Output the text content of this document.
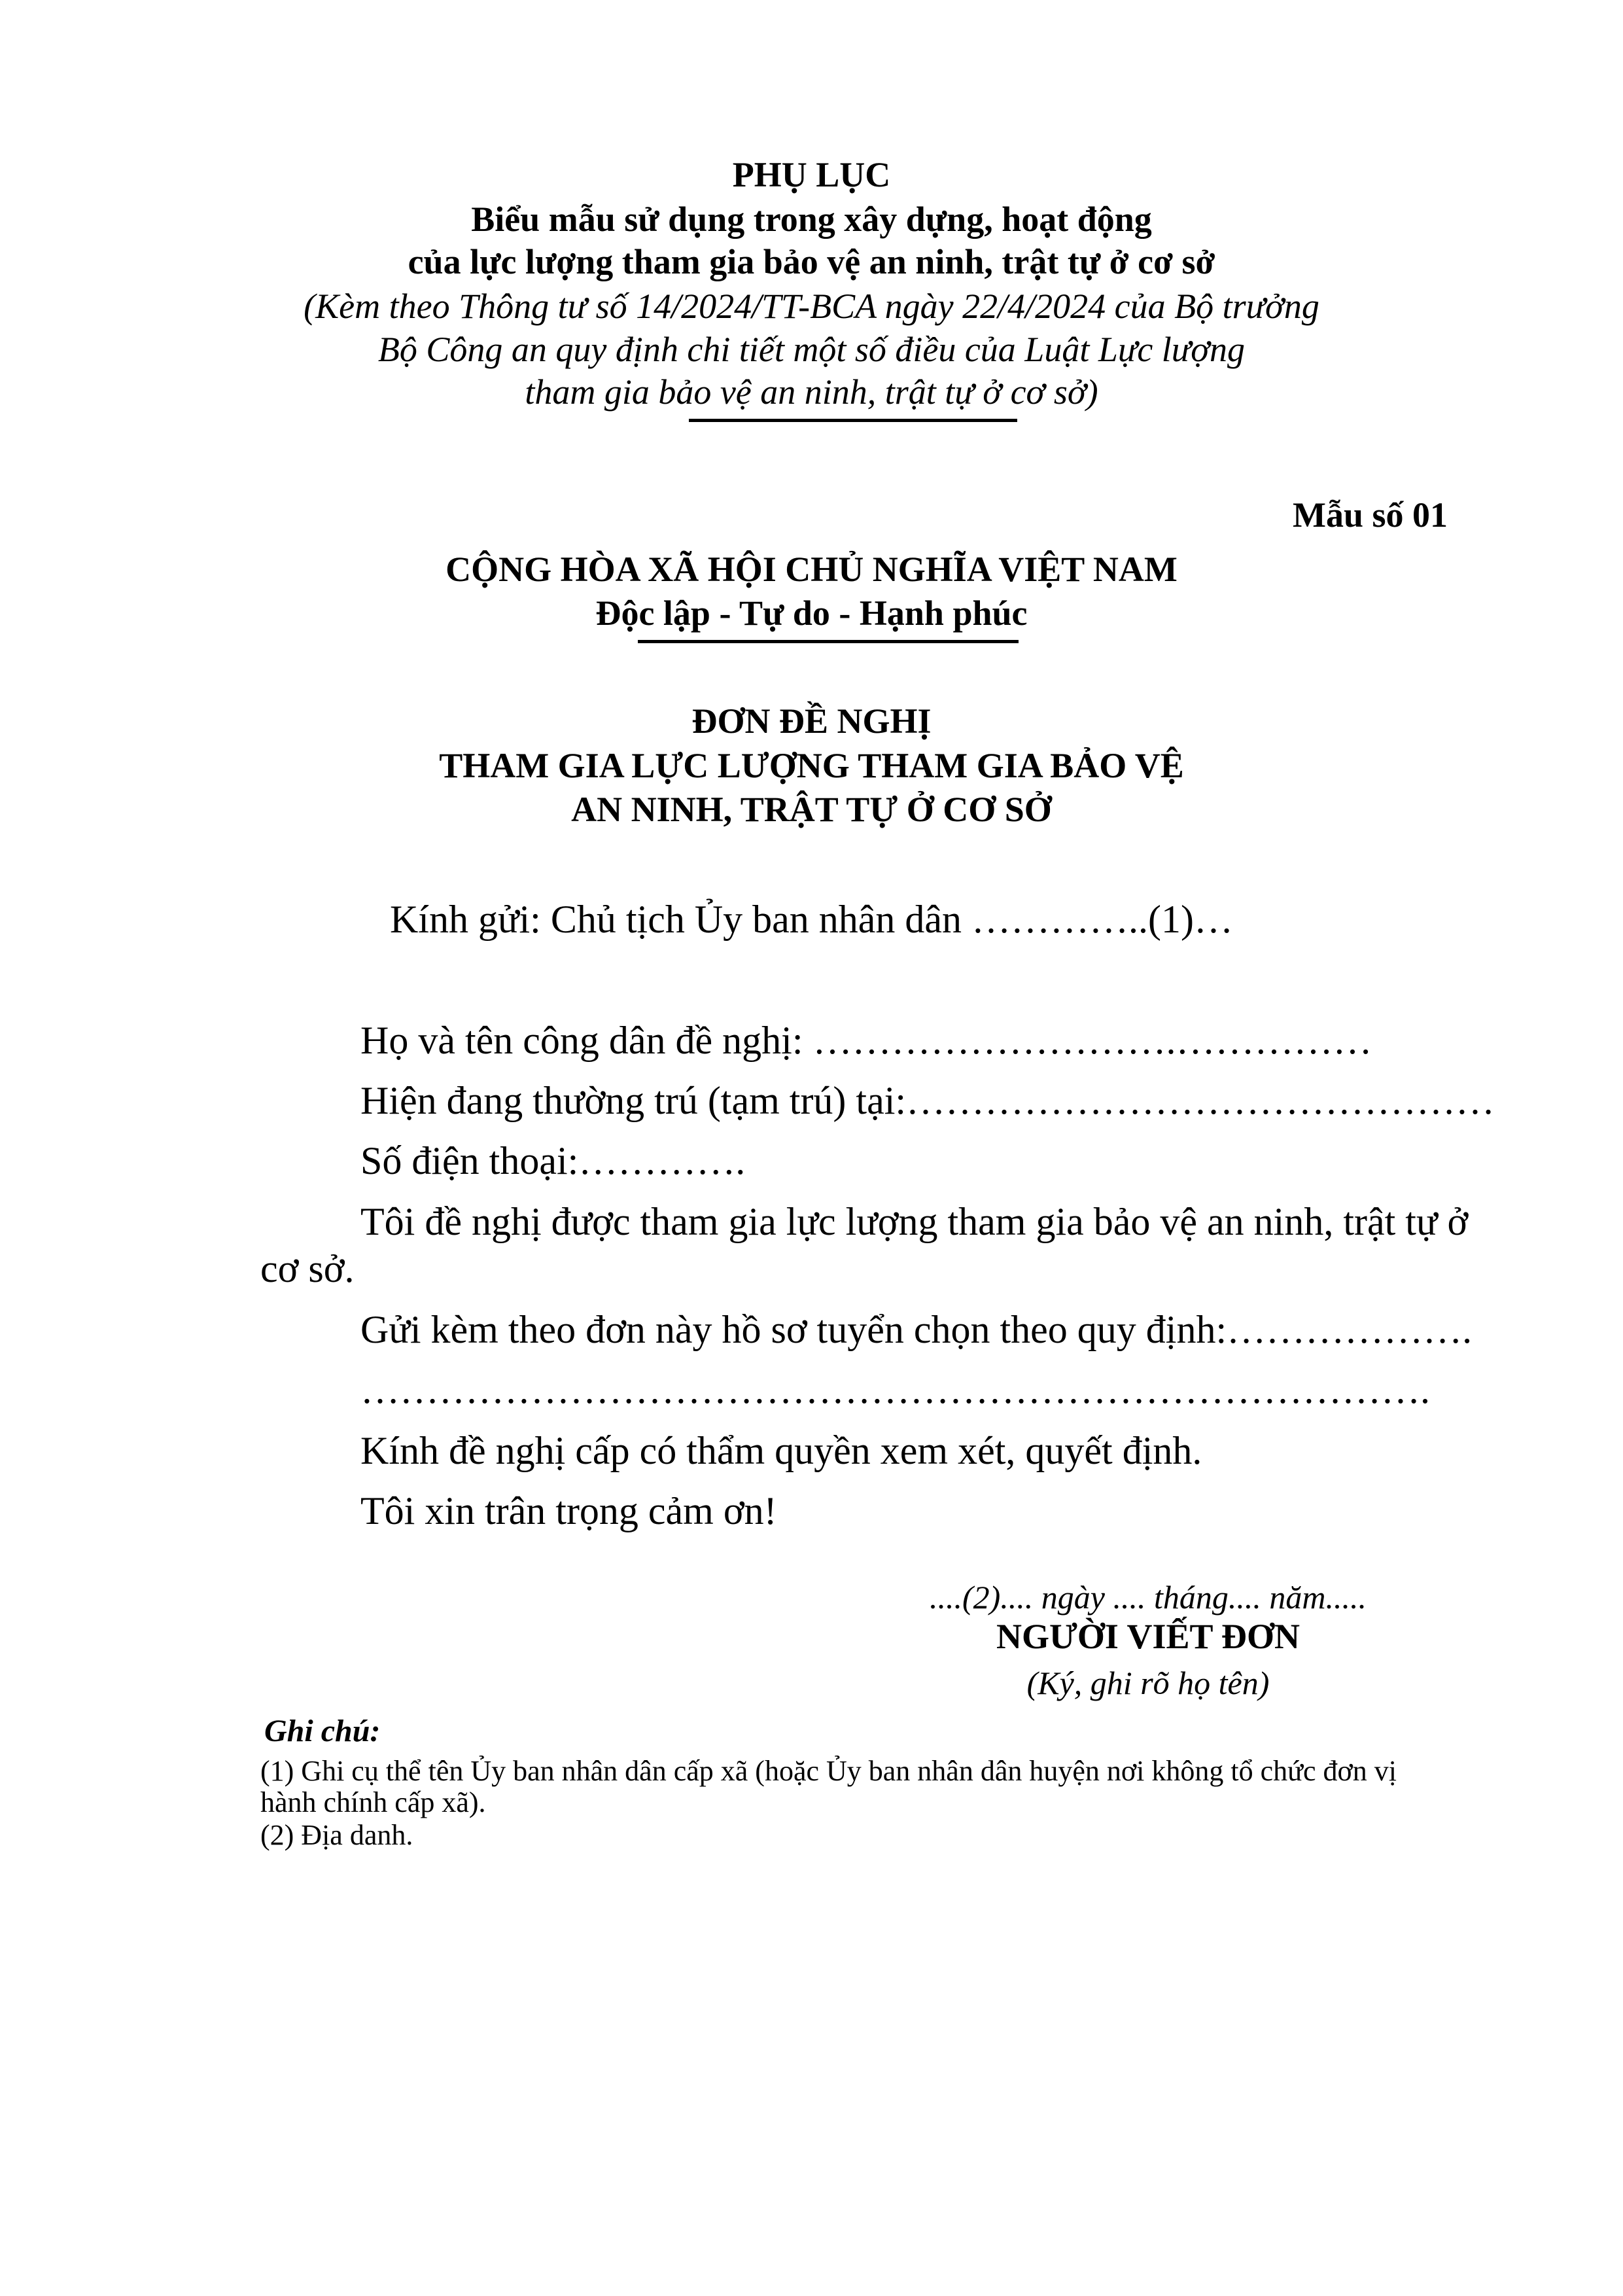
PHỤ LỤC
Biểu mẫu sử dụng trong xây dựng, hoạt động
của lực lượng tham gia bảo vệ an ninh, trật tự ở cơ sở
(Kèm theo Thông tư số 14/2024/TT-BCA ngày 22/4/2024 của Bộ trưởng
Bộ Công an quy định chi tiết một số điều của Luật Lực lượng
tham gia bảo vệ an ninh, trật tự ở cơ sở)
Mẫu số 01
CỘNG HÒA XÃ HỘI CHỦ NGHĨA VIỆT NAM
Độc lập - Tự do - Hạnh phúc
ĐƠN ĐỀ NGHỊ
THAM GIA LỰC LƯỢNG THAM GIA BẢO VỆ
AN NINH, TRẬT TỰ Ở CƠ SỞ
Kính gửi: Chủ tịch Ủy ban nhân dân …………..(1)…
Họ và tên công dân đề nghị: ……………………….……………
Hiện đang thường trú (tạm trú) tại:………………………………………
Số điện thoại:………….
Tôi đề nghị được tham gia lực lượng tham gia bảo vệ an ninh, trật tự ở
cơ sở.
Gửi kèm theo đơn này hồ sơ tuyển chọn theo quy định:……………….
……………………………………………………………………….
Kính đề nghị cấp có thẩm quyền xem xét, quyết định.
Tôi xin trân trọng cảm ơn!
....(2).... ngày .... tháng.... năm.....
NGƯỜI VIẾT ĐƠN
(Ký, ghi rõ họ tên)
Ghi chú:
(1) Ghi cụ thể tên Ủy ban nhân dân cấp xã (hoặc Ủy ban nhân dân huyện nơi không tổ chức đơn vị
hành chính cấp xã).
(2) Địa danh.
